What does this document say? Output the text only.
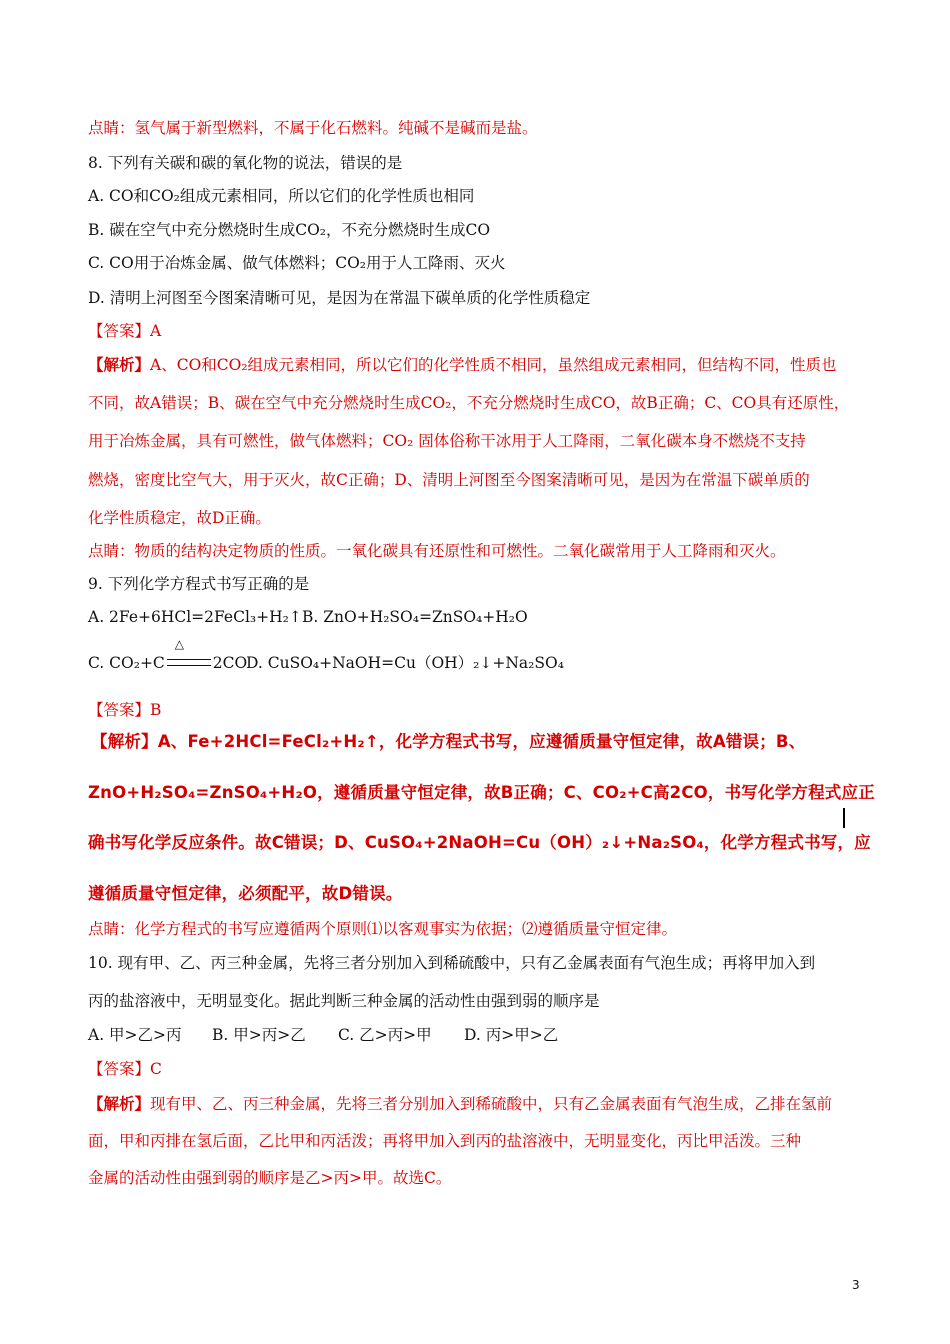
点睛：氢气属于新型燃料，不属于化石燃料。纯碱不是碱而是盐。
8. 下列有关碳和碳的氧化物的说法，错误的是
A. CO和CO₂组成元素相同，所以它们的化学性质也相同
B. 碳在空气中充分燃烧时生成CO₂，不充分燃烧时生成CO
C. CO用于冶炼金属、做气体燃料；CO₂用于人工降雨、灭火
D. 清明上河图至今图案清晰可见，是因为在常温下碳单质的化学性质稳定
【答案】A
【解析】A、CO和CO₂组成元素相同，所以它们的化学性质不相同，虽然组成元素相同，但结构不同，性质也
不同，故A错误；B、碳在空气中充分燃烧时生成CO₂，不充分燃烧时生成CO，故B正确；C、CO具有还原性，
用于冶炼金属，具有可燃性，做气体燃料；CO₂ 固体俗称干冰用于人工降雨，二氧化碳本身不燃烧不支持
燃烧，密度比空气大，用于灭火，故C正确；D、清明上河图至今图案清晰可见，是因为在常温下碳单质的
化学性质稳定，故D正确。
点睛：物质的结构决定物质的性质。一氧化碳具有还原性和可燃性。二氧化碳常用于人工降雨和灭火。
9. 下列化学方程式书写正确的是
A. 2Fe+6HCl=2FeCl₃+H₂↑B. ZnO+H₂SO₄=ZnSO₄+H₂O
C. CO₂+C
△
2COD. CuSO₄+NaOH=Cu（OH）₂↓+Na₂SO₄
【答案】B
【解析】A、Fe+2HCl=FeCl₂+H₂↑，化学方程式书写，应遵循质量守恒定律，故A错误；B、
ZnO+H₂SO₄=ZnSO₄+H₂O，遵循质量守恒定律，故B正确；C、CO₂+C高2CO，书写化学方程式应正
确书写化学反应条件。故C错误；D、CuSO₄+2NaOH=Cu（OH）₂↓+Na₂SO₄，化学方程式书写，应
遵循质量守恒定律，必须配平，故D错误。
点睛：化学方程式的书写应遵循两个原则⑴以客观事实为依据；⑵遵循质量守恒定律。
10. 现有甲、乙、丙三种金属，先将三者分别加入到稀硫酸中，只有乙金属表面有气泡生成；再将甲加入到
丙的盐溶液中，无明显变化。据此判断三种金属的活动性由强到弱的顺序是
A. 甲>乙>丙 B. 甲>丙>乙 C. 乙>丙>甲 D. 丙>甲>乙
【答案】C
【解析】现有甲、乙、丙三种金属，先将三者分别加入到稀硫酸中，只有乙金属表面有气泡生成，乙排在氢前
面，甲和丙排在氢后面，乙比甲和丙活泼；再将甲加入到丙的盐溶液中，无明显变化，丙比甲活泼。三种
金属的活动性由强到弱的顺序是乙>丙>甲。故选C。
3
